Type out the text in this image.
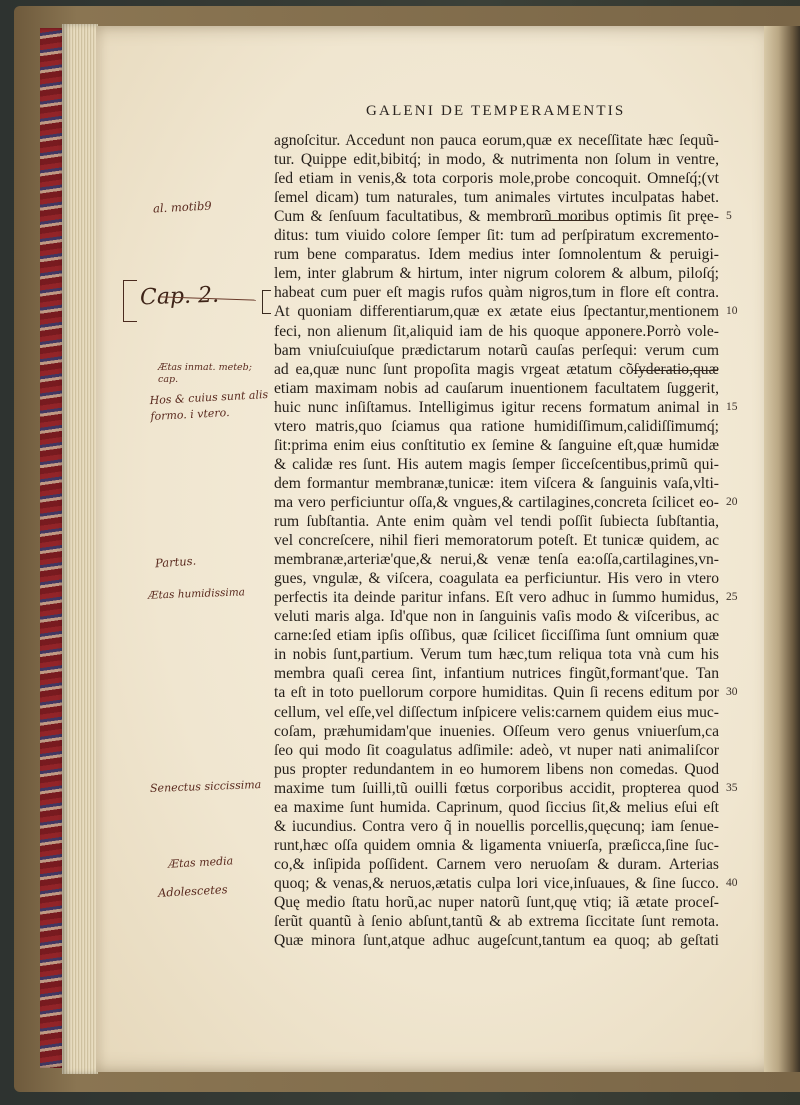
GALENI DE TEMPERAMENTIS
agnoſcitur. Accedunt non pauca eorum,quæ ex neceſſitate hæc ſequũ-
tur. Quippe edit,bibitq́; in modo, & nutrimenta non ſolum in ventre,
ſed etiam in venis,& tota corporis mole,probe concoquit. Omneſq́;(vt
ſemel dicam) tum naturales, tum animales virtutes inculpatas habet.
Cum & ſenſuum facultatibus, & membrorũ moribus optimis ſit pręe-
ditus: tum viuido colore ſemper ſit: tum ad perſpiratum excremento-
rum bene comparatus. Idem medius inter ſomnolentum & peruigi-
lem, inter glabrum & hirtum, inter nigrum colorem & album, piloſq́;
habeat cum puer eſt magis rufos quàm nigros,tum in flore eſt contra.
At quoniam differentiarum,quæ ex ætate eius ſpectantur,mentionem
feci, non alienum ſit,aliquid iam de his quoque apponere.Porrò vole-
bam vniuſcuiuſque prædictarum notarũ cauſas perſequi: verum cum
ad ea,quæ nunc ſunt propoſita magis vrgeat ætatum cõſyderatio,quæ
etiam maximam nobis ad cauſarum inuentionem facultatem ſuggerit,
huic nunc inſiſtamus. Intelligimus igitur recens formatum animal in
vtero matris,quo ſciamus qua ratione humidiſſimum,calidiſſimumq́;
ſit:prima enim eius conſtitutio ex ſemine & ſanguine eſt,quæ humidæ
& calidæ res ſunt. His autem magis ſemper ſicceſcentibus,primũ qui-
dem formantur membranæ,tunicæ: item viſcera & ſanguinis vaſa,vlti-
ma vero perficiuntur oſſa,& vngues,& cartilagines,concreta ſcilicet eo-
rum ſubſtantia. Ante enim quàm vel tendi poſſit ſubiecta ſubſtantia,
vel concreſcere, nihil fieri memoratorum poteſt. Et tunicæ quidem, ac
membranæ,arteriæ'que,& nerui,& venæ tenſa ea:oſſa,cartilagines,vn-
gues, vngulæ, & viſcera, coagulata ea perficiuntur. His vero in vtero
perfectis ita deinde paritur infans. Eſt vero adhuc in ſummo humidus,
veluti maris alga. Id'que non in ſanguinis vaſis modo & viſceribus, ac
carne:ſed etiam ipſis oſſibus, quæ ſcilicet ſicciſſima ſunt omnium quæ
in nobis ſunt,partium. Verum tum hæc,tum reliqua tota vnà cum his
membra quaſi cerea ſint, infantium nutrices fingũt,formant'que. Tan
ta eſt in toto puellorum corpore humiditas. Quin ſi recens editum por
cellum, vel eſſe,vel diſſectum inſpicere velis:carnem quidem eius muc-
coſam, præhumidam'que inuenies. Oſſeum vero genus vniuerſum,ca
ſeo qui modo ſit coagulatus adſimile: adeò, vt nuper nati animaliſcor
pus propter redundantem in eo humorem libens non comedas. Quod
maxime tum ſuilli,tũ ouilli fœtus corporibus accidit, propterea quod
ea maxime ſunt humida. Caprinum, quod ſiccius ſit,& melius eſui eſt
& iucundius. Contra vero q̃ in nouellis porcellis,quęcunq; iam ſenue-
runt,hæc oſſa quidem omnia & ligamenta vniuerſa, præſicca,ſine ſuc-
co,& inſipida poſſident. Carnem vero neruoſam & duram. Arterias
quoq; & venas,& neruos,ætatis culpa lori vice,inſuaues, & ſine ſucco.
Quę medio ſtatu horũ,ac nuper natorũ ſunt,quę vtiq; iã ætate proceſ-
ſerũt quantũ à ſenio abſunt,tantũ & ab extrema ſiccitate ſunt remota.
Quæ minora ſunt,atque adhuc augeſcunt,tantum ea quoq; ab geſtati
5
10
15
20
25
30
35
40
al. motib9
Cap. 2.
Ætas inmat. meteb; cap.
Hos & cuius sunt alis formo. i vtero.
Partus.
Ætas humidissima
Senectus siccissima
Ætas media
Adolescetes
